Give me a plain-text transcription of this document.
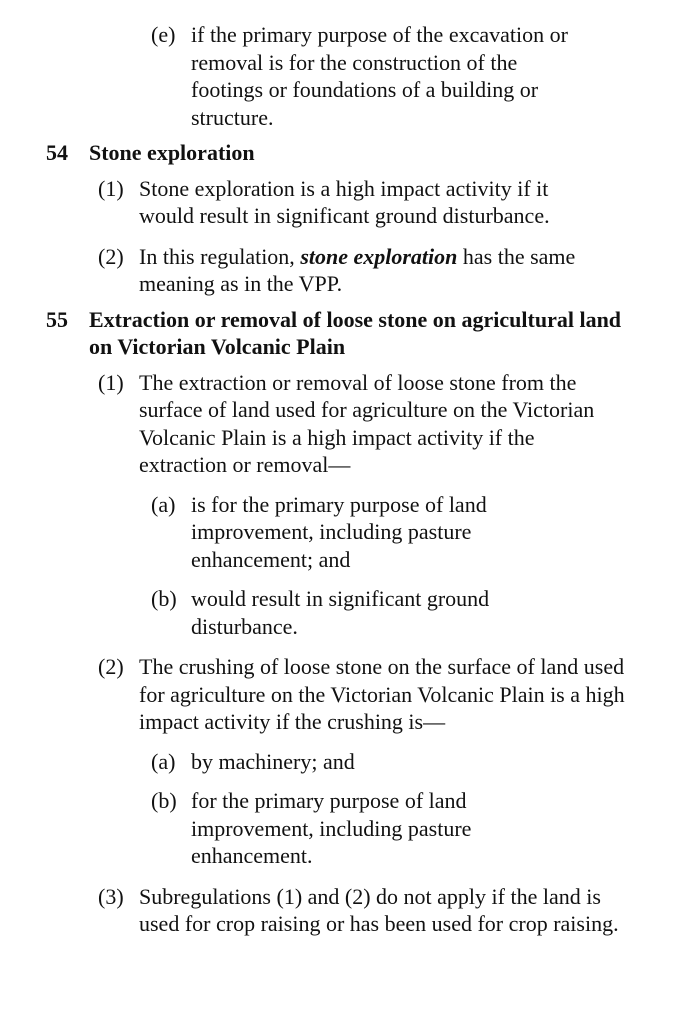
(e) if the primary purpose of the excavation or removal is for the construction of the footings or foundations of a building or structure.
54 Stone exploration
(1) Stone exploration is a high impact activity if it would result in significant ground disturbance.
(2) In this regulation, stone exploration has the same meaning as in the VPP.
55 Extraction or removal of loose stone on agricultural land on Victorian Volcanic Plain
(1) The extraction or removal of loose stone from the surface of land used for agriculture on the Victorian Volcanic Plain is a high impact activity if the extraction or removal—
(a) is for the primary purpose of land improvement, including pasture enhancement; and
(b) would result in significant ground disturbance.
(2) The crushing of loose stone on the surface of land used for agriculture on the Victorian Volcanic Plain is a high impact activity if the crushing is—
(a) by machinery; and
(b) for the primary purpose of land improvement, including pasture enhancement.
(3) Subregulations (1) and (2) do not apply if the land is used for crop raising or has been used for crop raising.
